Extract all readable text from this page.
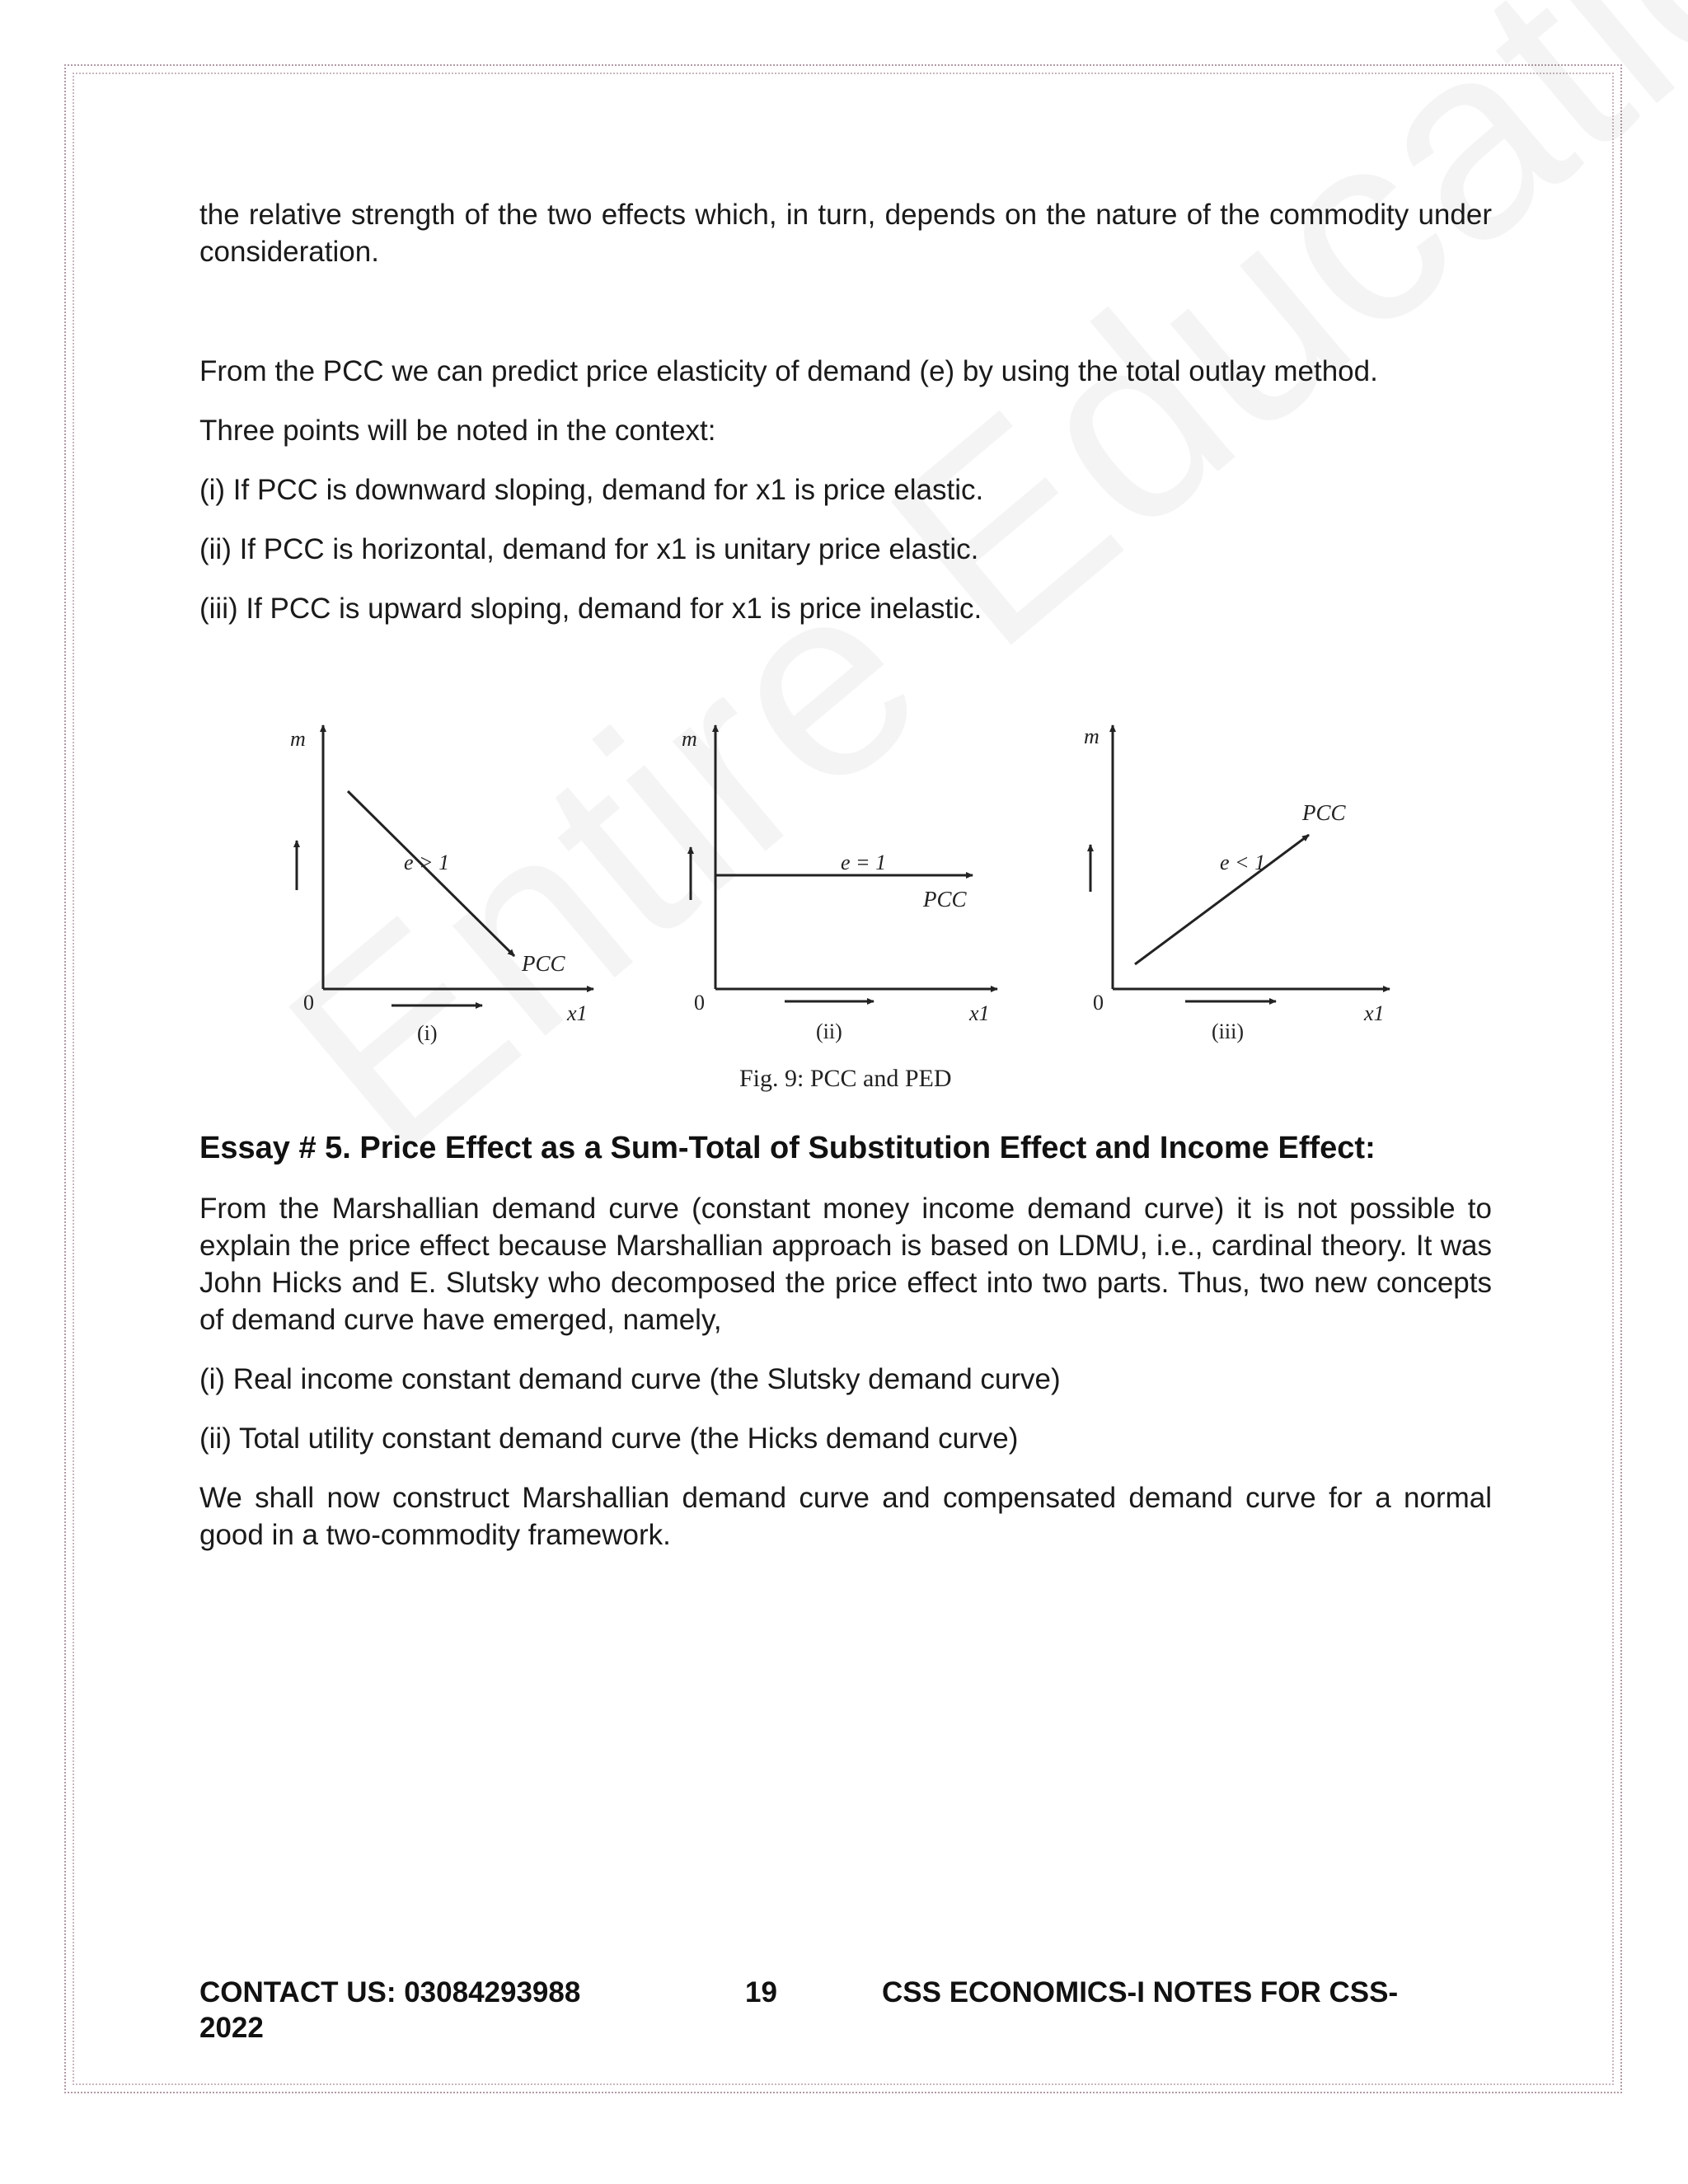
the relative strength of the two effects which, in turn, depends on the nature of the commodity under consideration.

From the PCC we can predict price elasticity of demand (e) by using the total outlay method.

Three points will be noted in the context:

(i) If PCC is downward sloping, demand for x1 is price elastic.

(ii) If PCC is horizontal, demand for x1 is unitary price elastic.

(iii) If PCC is upward sloping, demand for x1 is price inelastic.

m
e > 1
PCC
0
(i)
x1
m
e = 1
PCC
0
(ii)
x1
m
e < 1
PCC
0
(iii)
x1
Fig. 9: PCC and PED
Essay # 5. Price Effect as a Sum-Total of Substitution Effect and Income Effect:

From the Marshallian demand curve (constant money income demand curve) it is not possible to explain the price effect because Marshallian approach is based on LDMU, i.e., cardinal theory. It was John Hicks and E. Slutsky who decomposed the price effect into two parts. Thus, two new concepts of demand curve have emerged, namely,

(i) Real income constant demand curve (the Slutsky demand curve)

(ii) Total utility constant demand curve (the Hicks demand curve)

We shall now construct Marshallian demand curve and compensated demand curve for a normal good in a two-commodity framework.

CONTACT US: 03084293988	19	CSS ECONOMICS-I NOTES FOR CSS-
2022
